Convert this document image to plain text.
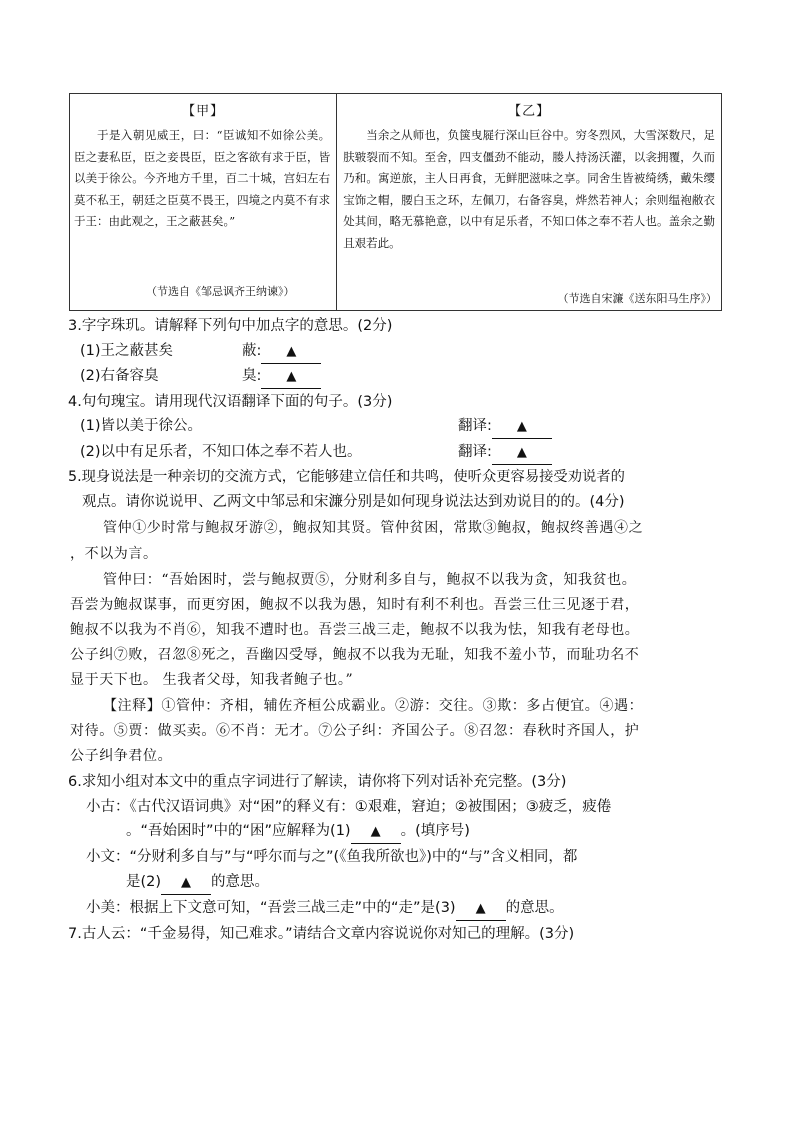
【甲】
于是入朝见威王，曰：“臣诚知不如徐公美。臣之妻私臣，臣之妾畏臣，臣之客欲有求于臣，皆以美于徐公。今齐地方千里，百二十城，宫妇左右莫不私王，朝廷之臣莫不畏王，四境之内莫不有求于王：由此观之，王之蔽甚矣。”
（节选自《邹忌讽齐王纳谏》）
【乙】
当余之从师也，负箧曳屣行深山巨谷中。穷冬烈风，大雪深数尺，足肤皲裂而不知。至舍，四支僵劲不能动，媵人持汤沃灌，以衾拥覆，久而乃和。寓逆旅，主人日再食，无鲜肥滋味之享。同舍生皆被绮绣，戴朱缨宝饰之帽，腰白玉之环，左佩刀，右备容臭，烨然若神人；余则缊袍敝衣处其间，略无慕艳意，以中有足乐者，不知口体之奉不若人也。盖余之勤且艰若此。
（节选自宋濂《送东阳马生序》）
3.字字珠玑。请解释下列句中加点字的意思。(2分)
(1)王之蔽甚矣	蔽: ▲
(2)右备容臭	臭: ▲
4.句句瑰宝。请用现代汉语翻译下面的句子。(3分)
(1)皆以美于徐公。	翻译: ▲
(2)以中有足乐者，不知口体之奉不若人也。	翻译: ▲
5.现身说法是一种亲切的交流方式，它能够建立信任和共鸣，使听众更容易接受劝说者的
观点。请你说说甲、乙两文中邹忌和宋濂分别是如何现身说法达到劝说目的的。(4分)
管仲①少时常与鲍叔牙游②，鲍叔知其贤。管仲贫困，常欺③鲍叔，鲍叔终善遇④之
，不以为言。
管仲曰：“吾始困时，尝与鲍叔贾⑤，分财利多自与，鲍叔不以我为贪，知我贫也。
吾尝为鲍叔谋事，而更穷困，鲍叔不以我为愚，知时有利不利也。吾尝三仕三见逐于君，
鲍叔不以我为不肖⑥，知我不遭时也。吾尝三战三走，鲍叔不以我为怯，知我有老母也。
公子纠⑦败，召忽⑧死之，吾幽囚受辱，鲍叔不以我为无耻，知我不羞小节，而耻功名不
显于天下也。 生我者父母，知我者鲍子也。”
【注释】①管仲：齐相，辅佐齐桓公成霸业。②游：交往。③欺：多占便宜。④遇：
对待。⑤贾：做买卖。⑥不肖：无才。⑦公子纠：齐国公子。⑧召忽：春秋时齐国人，护
公子纠争君位。
6.求知小组对本文中的重点字词进行了解读，请你将下列对话补充完整。(3分)
小古：《古代汉语词典》对“困”的释义有：①艰难，窘迫；②被围困；③疲乏，疲倦
。“吾始困时”中的“困”应解释为(1) ▲ 。(填序号)
小文：“分财利多自与”与“呼尔而与之”(《鱼我所欲也》)中的“与”含义相同，都
是(2) ▲ 的意思。
小美：根据上下文意可知，“吾尝三战三走”中的“走”是(3) ▲ 的意思。
7.古人云：“千金易得，知己难求。”请结合文章内容说说你对知己的理解。(3分)
